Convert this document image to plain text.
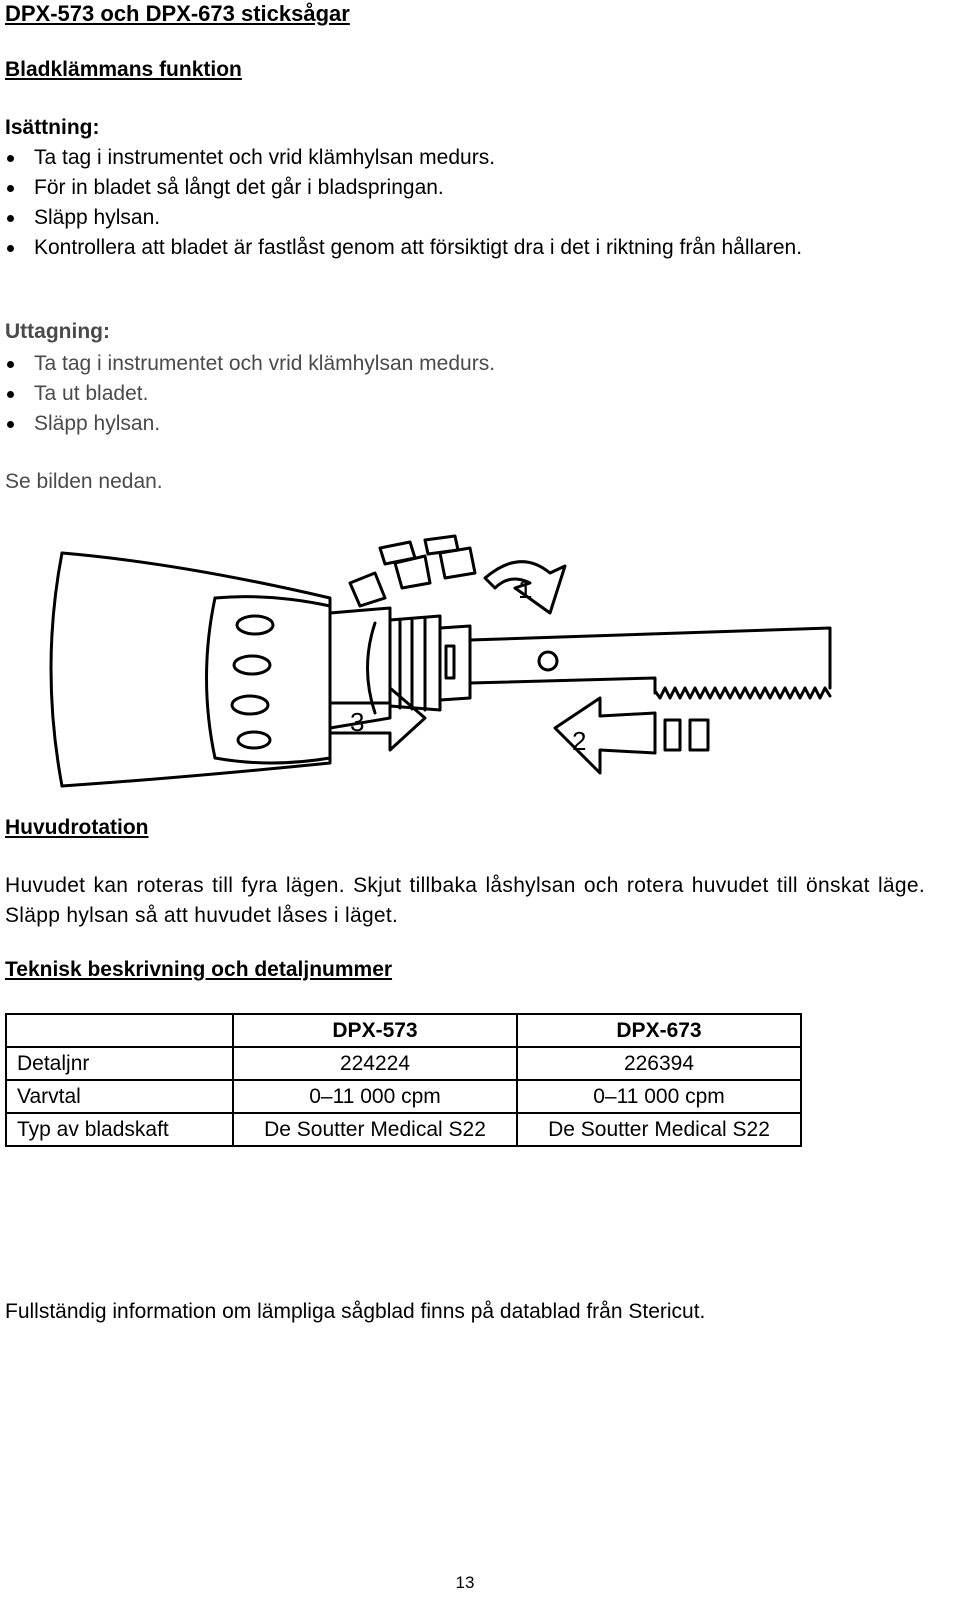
DPX-573 och DPX-673 sticksågar
Bladklämmans funktion
Isättning:
Ta tag i instrumentet och vrid klämhylsan medurs.
För in bladet så långt det går i bladspringan.
Släpp hylsan.
Kontrollera att bladet är fastlåst genom att försiktigt dra i det i riktning från hållaren.
Uttagning:
Ta tag i instrumentet och vrid klämhylsan medurs.
Ta ut bladet.
Släpp hylsan.
Se bilden nedan.
1
2
3
Huvudrotation
Huvudet kan roteras till fyra lägen. Skjut tillbaka låshylsan och rotera huvudet till önskat läge. Släpp hylsan så att huvudet låses i läget.
Teknisk beskrivning och detaljnummer
	DPX-573	DPX-673
Detaljnr	224224	226394
Varvtal	0–11 000 cpm	0–11 000 cpm
Typ av bladskaft	De Soutter Medical S22	De Soutter Medical S22
Fullständig information om lämpliga sågblad finns på datablad från Stericut.
13
